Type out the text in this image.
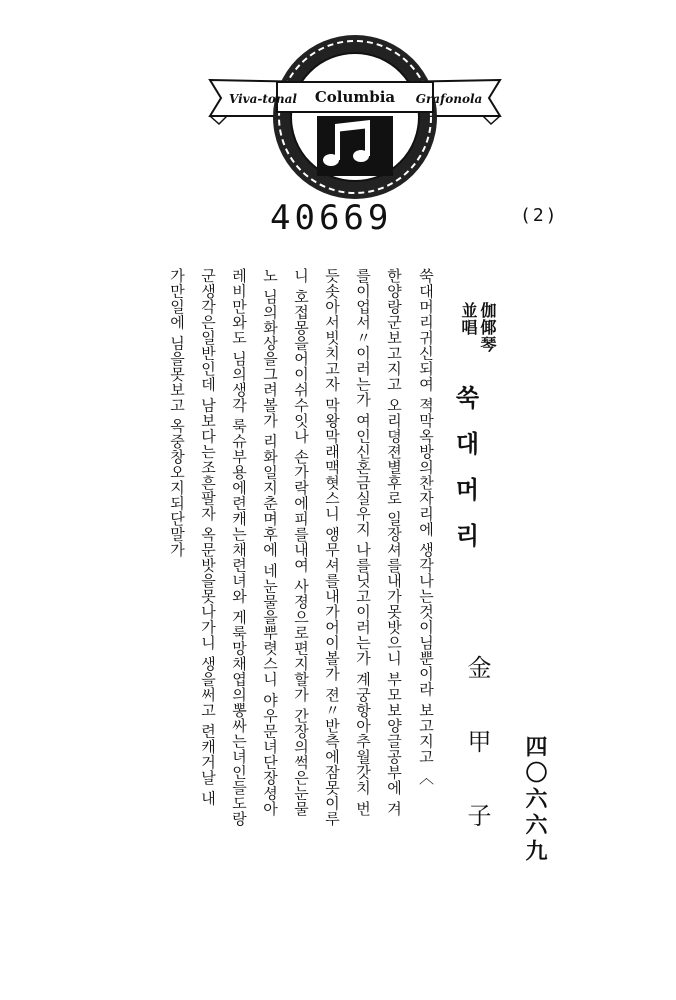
Viva-tonal Columbia Grafonola
40669	(2)
伽倻琴
並唱
쑥대머리
金甲子 四〇六六九
쑥대머리귀신되여 젹막옥방의찬자리에 생각나는것이님뿐이라 보고지고 〈
한양랑군보고지고 오리뎡젼별후로 일장셔를내가못밧으니 부모보양글공부에 겨
를이업서〃이러는가 여인신혼금실우지 나를닛고이러는가 계궁항아추월갓치 번
듯솟아서빗치고자 막왕막래맥혓스니 앵무셔를내가어이볼가 젼〃반측에잠못이루
니 호접몽을어이쉬수잇나 손가락에피를내여 사졍으로편지할가 간장의썩은눈물
노 님의화상을그려볼가 리화일지춘며후에 네눈물을뿌렷스니 야우문녀단장셩아
레비만와도 님의생각 룩슈부용에련캐는채련녀와 게룩망채엽의뽕싸는녀인들도랑
군생각은일반인데 남보다는조흔팔자 옥문밧을못나가니 생을써고 련캐거날 내
가만일에 님을못보고 옥중창오지되단말가
